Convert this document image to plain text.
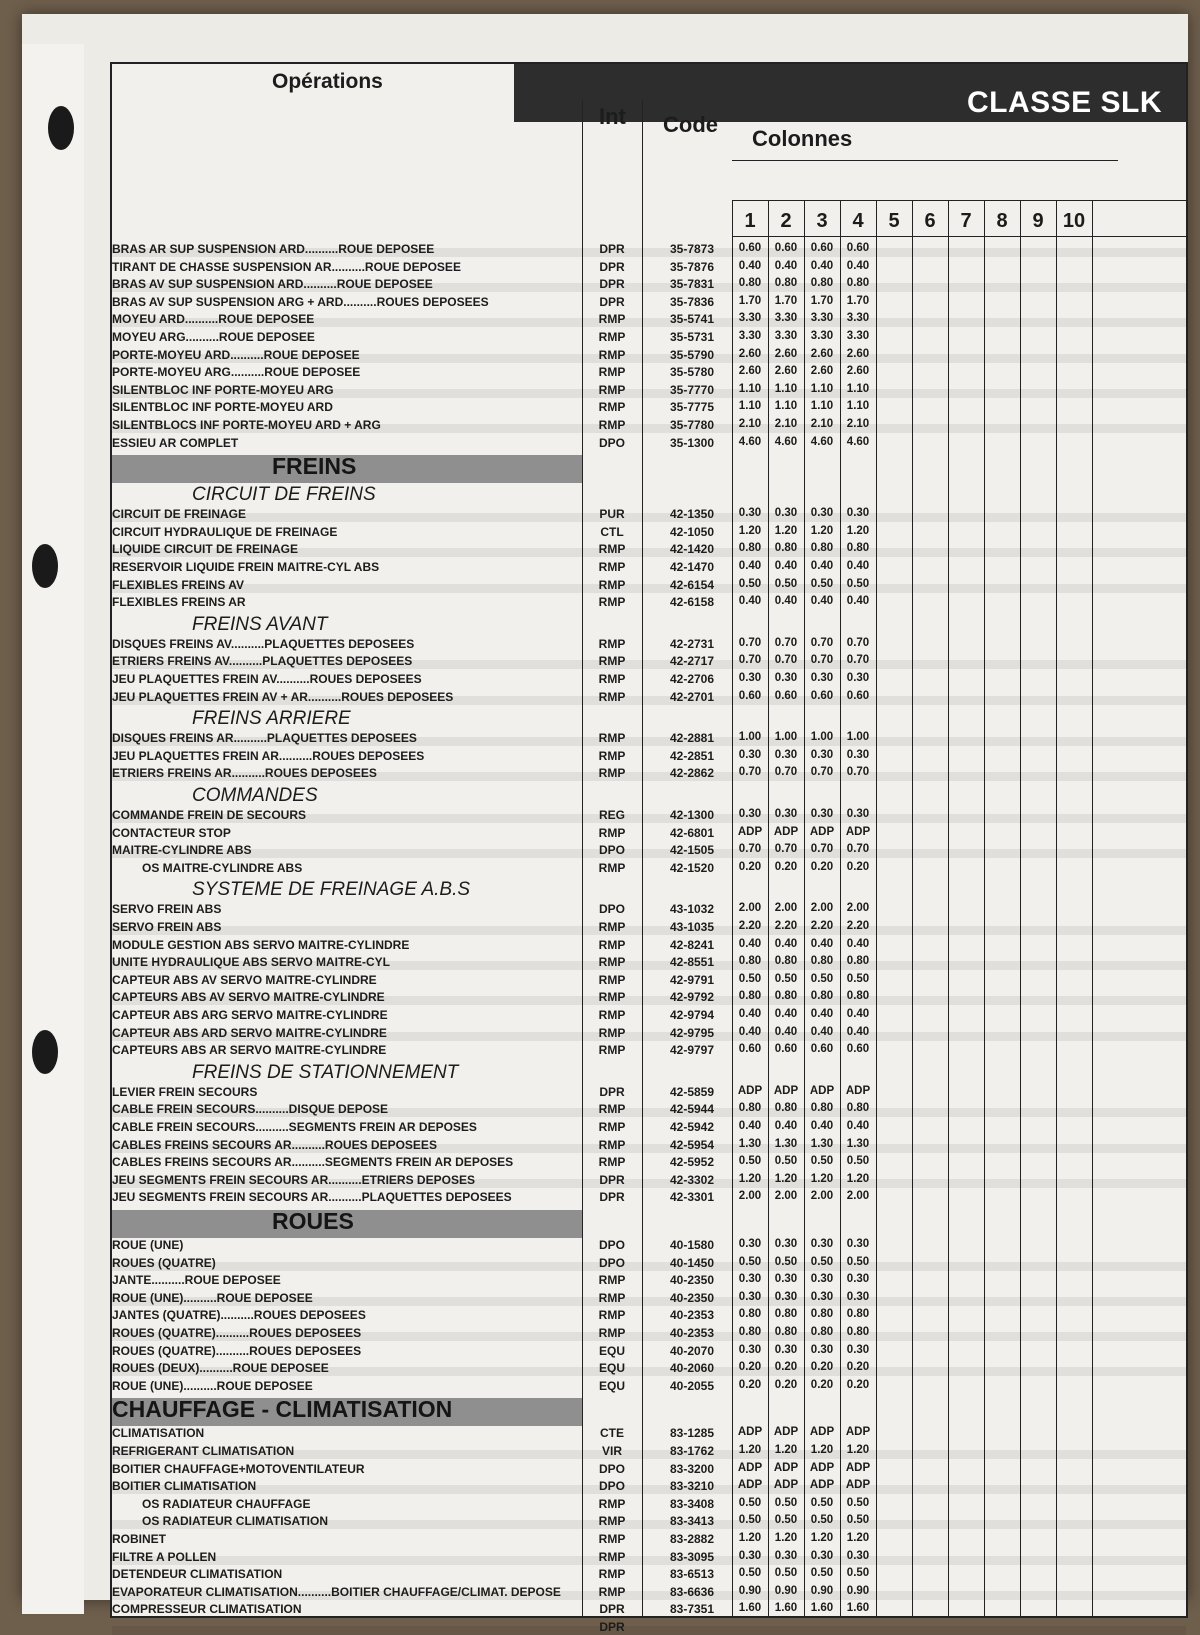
CLASSE SLK
Opérations
Int Code
Colonnes
1	2	3	4	5	6	7	8	9 10
BRAS AR SUP SUSPENSION ARD..........ROUE DEPOSEE	DPR	35-7873	0.60	0.60	0.60	0.60
TIRANT DE CHASSE SUSPENSION AR..........ROUE DEPOSEE	DPR	35-7876	0.40	0.40	0.40	0.40
BRAS AV SUP SUSPENSION ARD..........ROUE DEPOSEE	DPR	35-7831	0.80	0.80	0.80	0.80
BRAS AV SUP SUSPENSION ARG + ARD..........ROUES DEPOSEES	DPR	35-7836	1.70	1.70	1.70	1.70
MOYEU ARD..........ROUE DEPOSEE	RMP	35-5741	3.30	3.30	3.30	3.30
MOYEU ARG..........ROUE DEPOSEE	RMP	35-5731	3.30	3.30	3.30	3.30
PORTE-MOYEU ARD..........ROUE DEPOSEE	RMP	35-5790	2.60	2.60	2.60	2.60
PORTE-MOYEU ARG..........ROUE DEPOSEE	RMP	35-5780	2.60	2.60	2.60	2.60
SILENTBLOC INF PORTE-MOYEU ARG	RMP	35-7770	1.10	1.10	1.10	1.10
SILENTBLOC INF PORTE-MOYEU ARD	RMP	35-7775	1.10	1.10	1.10	1.10
SILENTBLOCS INF PORTE-MOYEU ARD + ARG	RMP	35-7780	2.10	2.10	2.10	2.10
ESSIEU AR COMPLET	DPO	35-1300	4.60	4.60	4.60	4.60
FREINS
CIRCUIT DE FREINS
CIRCUIT DE FREINAGE	PUR	42-1350	0.30	0.30	0.30	0.30
CIRCUIT HYDRAULIQUE DE FREINAGE	CTL	42-1050	1.20	1.20	1.20	1.20
LIQUIDE CIRCUIT DE FREINAGE	RMP	42-1420	0.80	0.80	0.80	0.80
RESERVOIR LIQUIDE FREIN MAITRE-CYL ABS	RMP	42-1470	0.40	0.40	0.40	0.40
FLEXIBLES FREINS AV	RMP	42-6154	0.50	0.50	0.50	0.50
FLEXIBLES FREINS AR	RMP	42-6158	0.40	0.40	0.40	0.40
FREINS AVANT
DISQUES FREINS AV..........PLAQUETTES DEPOSEES	RMP	42-2731	0.70	0.70	0.70	0.70
ETRIERS FREINS AV..........PLAQUETTES DEPOSEES	RMP	42-2717	0.70	0.70	0.70	0.70
JEU PLAQUETTES FREIN AV..........ROUES DEPOSEES	RMP	42-2706	0.30	0.30	0.30	0.30
JEU PLAQUETTES FREIN AV + AR..........ROUES DEPOSEES	RMP	42-2701	0.60	0.60	0.60	0.60
FREINS ARRIERE
DISQUES FREINS AR..........PLAQUETTES DEPOSEES	RMP	42-2881	1.00	1.00	1.00	1.00
JEU PLAQUETTES FREIN AR..........ROUES DEPOSEES	RMP	42-2851	0.30	0.30	0.30	0.30
ETRIERS FREINS AR..........ROUES DEPOSEES	RMP	42-2862	0.70	0.70	0.70	0.70
COMMANDES
COMMANDE FREIN DE SECOURS	REG	42-1300	0.30	0.30	0.30	0.30
CONTACTEUR STOP	RMP	42-6801	ADP	ADP	ADP	ADP
MAITRE-CYLINDRE ABS	DPO	42-1505	0.70	0.70	0.70	0.70
OS MAITRE-CYLINDRE ABS	RMP	42-1520	0.20	0.20	0.20	0.20
SYSTEME DE FREINAGE A.B.S
SERVO FREIN ABS	DPO	43-1032	2.00	2.00	2.00	2.00
SERVO FREIN ABS	RMP	43-1035	2.20	2.20	2.20	2.20
MODULE GESTION ABS SERVO MAITRE-CYLINDRE	RMP	42-8241	0.40	0.40	0.40	0.40
UNITE HYDRAULIQUE ABS SERVO MAITRE-CYL	RMP	42-8551	0.80	0.80	0.80	0.80
CAPTEUR ABS AV SERVO MAITRE-CYLINDRE	RMP	42-9791	0.50	0.50	0.50	0.50
CAPTEURS ABS AV SERVO MAITRE-CYLINDRE	RMP	42-9792	0.80	0.80	0.80	0.80
CAPTEUR ABS ARG SERVO MAITRE-CYLINDRE	RMP	42-9794	0.40	0.40	0.40	0.40
CAPTEUR ABS ARD SERVO MAITRE-CYLINDRE	RMP	42-9795	0.40	0.40	0.40	0.40
CAPTEURS ABS AR SERVO MAITRE-CYLINDRE	RMP	42-9797	0.60	0.60	0.60	0.60
FREINS DE STATIONNEMENT
LEVIER FREIN SECOURS	DPR	42-5859	ADP	ADP	ADP	ADP
CABLE FREIN SECOURS..........DISQUE DEPOSE	RMP	42-5944	0.80	0.80	0.80	0.80
CABLE FREIN SECOURS..........SEGMENTS FREIN AR DEPOSES	RMP	42-5942	0.40	0.40	0.40	0.40
CABLES FREINS SECOURS AR..........ROUES DEPOSEES	RMP	42-5954	1.30	1.30	1.30	1.30
CABLES FREINS SECOURS AR..........SEGMENTS FREIN AR DEPOSES	RMP	42-5952	0.50	0.50	0.50	0.50
JEU SEGMENTS FREIN SECOURS AR..........ETRIERS DEPOSES	DPR	42-3302	1.20	1.20	1.20	1.20
JEU SEGMENTS FREIN SECOURS AR..........PLAQUETTES DEPOSEES	DPR	42-3301	2.00	2.00	2.00	2.00
ROUES
ROUE (UNE)	DPO	40-1580	0.30	0.30	0.30	0.30
ROUES (QUATRE)	DPO	40-1450	0.50	0.50	0.50	0.50
JANTE..........ROUE DEPOSEE	RMP	40-2350	0.30	0.30	0.30	0.30
ROUE (UNE)..........ROUE DEPOSEE	RMP	40-2350	0.30	0.30	0.30	0.30
JANTES (QUATRE)..........ROUES DEPOSEES	RMP	40-2353	0.80	0.80	0.80	0.80
ROUES (QUATRE)..........ROUES DEPOSEES	RMP	40-2353	0.80	0.80	0.80	0.80
ROUES (QUATRE)..........ROUES DEPOSEES	EQU	40-2070	0.30	0.30	0.30	0.30
ROUES (DEUX)..........ROUE DEPOSEE	EQU	40-2060	0.20	0.20	0.20	0.20
ROUE (UNE)..........ROUE DEPOSEE	EQU	40-2055	0.20	0.20	0.20	0.20
CHAUFFAGE - CLIMATISATION
CLIMATISATION	CTE	83-1285	ADP	ADP	ADP	ADP
REFRIGERANT CLIMATISATION	VIR	83-1762	1.20	1.20	1.20	1.20
BOITIER CHAUFFAGE+MOTOVENTILATEUR	DPO	83-3200	ADP	ADP	ADP	ADP
BOITIER CLIMATISATION	DPO	83-3210	ADP	ADP	ADP	ADP
OS RADIATEUR CHAUFFAGE	RMP	83-3408	0.50	0.50	0.50	0.50
OS RADIATEUR CLIMATISATION	RMP	83-3413	0.50	0.50	0.50	0.50
ROBINET	RMP	83-2882	1.20	1.20	1.20	1.20
FILTRE A POLLEN	RMP	83-3095	0.30	0.30	0.30	0.30
DETENDEUR CLIMATISATION	RMP	83-6513	0.50	0.50	0.50	0.50
EVAPORATEUR CLIMATISATION..........BOITIER CHAUFFAGE/CLIMAT. DEPOSE	RMP	83-6636	0.90	0.90	0.90	0.90
COMPRESSEUR CLIMATISATION	DPR	83-7351	1.60	1.60	1.60	1.60
DPR
